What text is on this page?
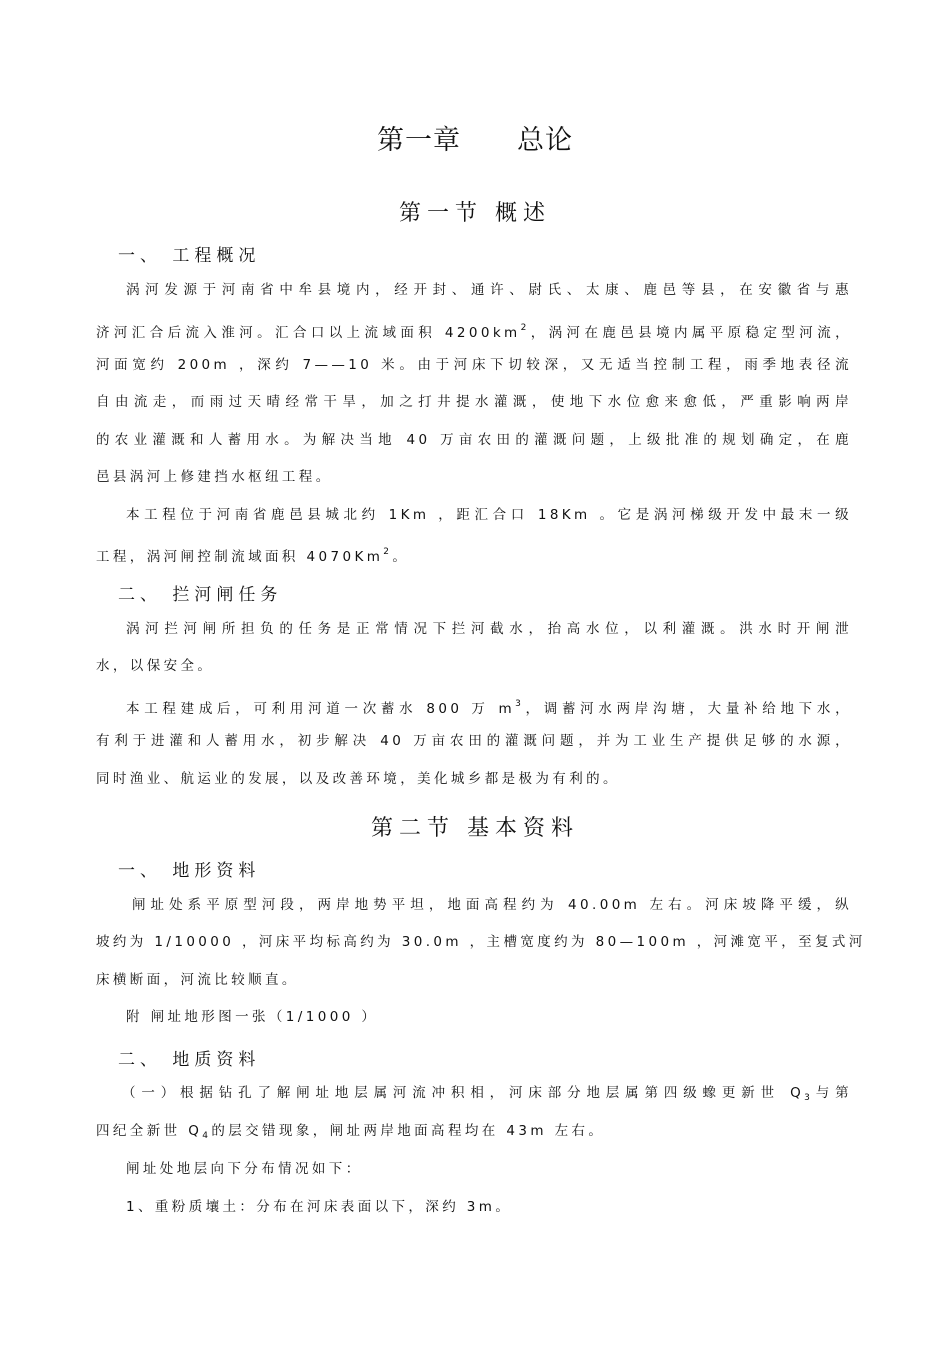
第一章 总论
第一节 概述
一、 工程概况
涡河发源于河南省中牟县境内，经开封、通许、尉氏、太康、鹿邑等县，在安徽省与惠
济河汇合后流入淮河。汇合口以上流域面积 $4200km^2$，涡河在鹿邑县境内属平原稳定型河流，
河面宽约 200m ，深约 7——10 米。由于河床下切较深，又无适当控制工程，雨季地表径流
自由流走，而雨过天晴经常干旱，加之打井提水灌溉，使地下水位愈来愈低，严重影响两岸
的农业灌溉和人蓄用水。为解决当地 40 万亩农田的灌溉问题，上级批准的规划确定，在鹿
邑县涡河上修建挡水枢纽工程。
本工程位于河南省鹿邑县城北约 1Km ，距汇合口 18Km 。它是涡河梯级开发中最末一级
工程，涡河闸控制流域面积 4070Km$^2$。
二、 拦河闸任务
涡河拦河闸所担负的任务是正常情况下拦河截水，抬高水位，以利灌溉。洪水时开闸泄
水，以保安全。
本工程建成后，可利用河道一次蓄水 800 万 $m^3$，调蓄河水两岸沟塘，大量补给地下水，
有利于进灌和人蓄用水，初步解决 40 万亩农田的灌溉问题，并为工业生产提供足够的水源，
同时渔业、航运业的发展，以及改善环境，美化城乡都是极为有利的。
第二节 基本资料
一、 地形资料
闸址处系平原型河段，两岸地势平坦，地面高程约为 40.00m 左右。河床坡降平缓，纵
坡约为 1/10000 ，河床平均标高约为 30.0m ，主槽宽度约为 80—100m ，河滩宽平，至复式河
床横断面，河流比较顺直。
附 闸址地形图一张（1/1000 ）
二、 地质资料
（一）根据钻孔了解闸址地层属河流冲积相，河床部分地层属第四级蟓更新世 $Q_3$与第
四纪全新世 $Q_4$的层交错现象，闸址两岸地面高程均在 43m 左右。
闸址处地层向下分布情况如下：
1、重粉质壤土：分布在河床表面以下，深约 3m。
